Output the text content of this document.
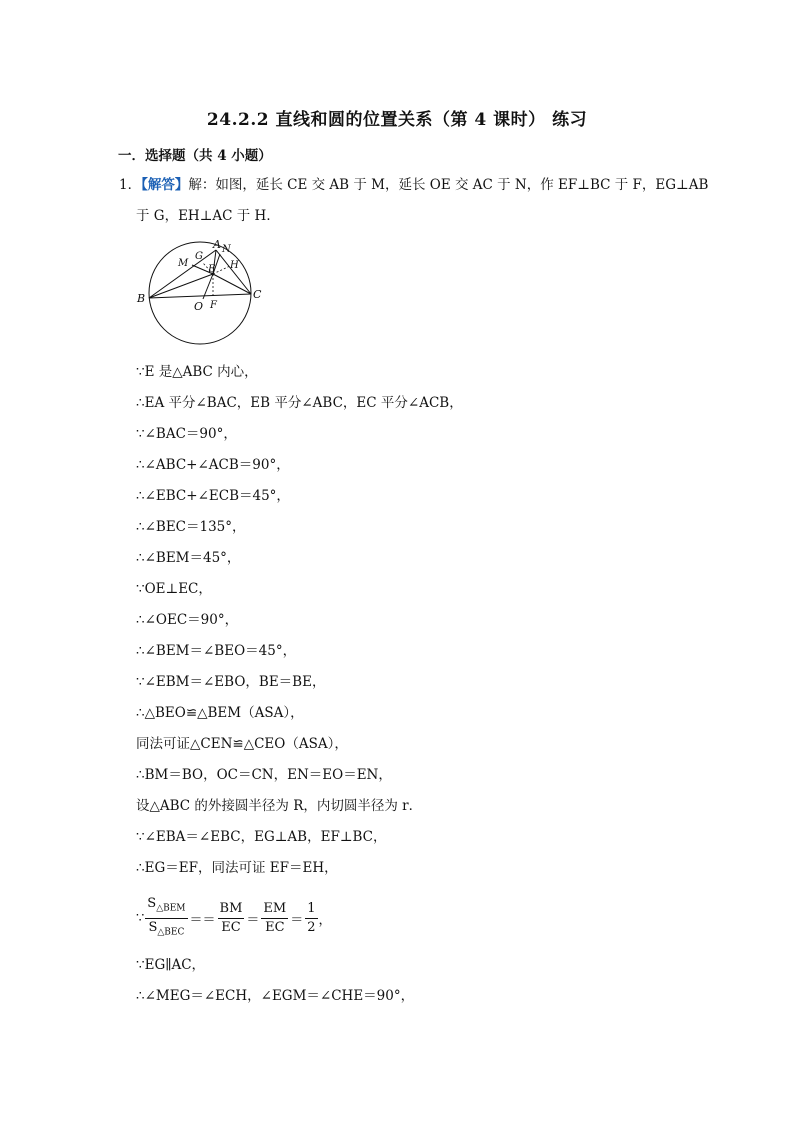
24.2.2 直线和圆的位置关系（第 4 课时） 练习
一．选择题（共 4 小题）
1．【解答】解：如图，延长 CE 交 AB 于 M，延长 OE 交 AC 于 N，作 EF⊥BC 于 F，EG⊥AB
于 G，EH⊥AC 于 H．
A N
G
M	H
E
B	C
O F
∵E 是△ABC 内心，
∴EA 平分∠BAC，EB 平分∠ABC，EC 平分∠ACB，
∵∠BAC＝90°，
∴∠ABC+∠ACB＝90°，
∴∠EBC+∠ECB＝45°，
∴∠BEC＝135°，
∴∠BEM＝45°，
∵OE⊥EC，
∴∠OEC＝90°，
∴∠BEM＝∠BEO＝45°，
∵∠EBM＝∠EBO，BE＝BE，
∴△BEO≌△BEM（ASA），
同法可证△CEN≌△CEO（ASA），
∴BM＝BO，OC＝CN，EN＝EO＝EN，
设△ABC 的外接圆半径为 R，内切圆半径为 r．
∵∠EBA＝∠EBC，EG⊥AB，EF⊥BC，
∴EG＝EF，同法可证 EF＝EH，
∵
$S_{\triangle BEM}$
$S_{\triangle BEC}$
＝＝ $\frac{BM}{EC} = \frac{EM}{EC} = \frac{1}{2}$ ，
∵EG∥AC，
∴∠MEG＝∠ECH，∠EGM＝∠CHE＝90°，
